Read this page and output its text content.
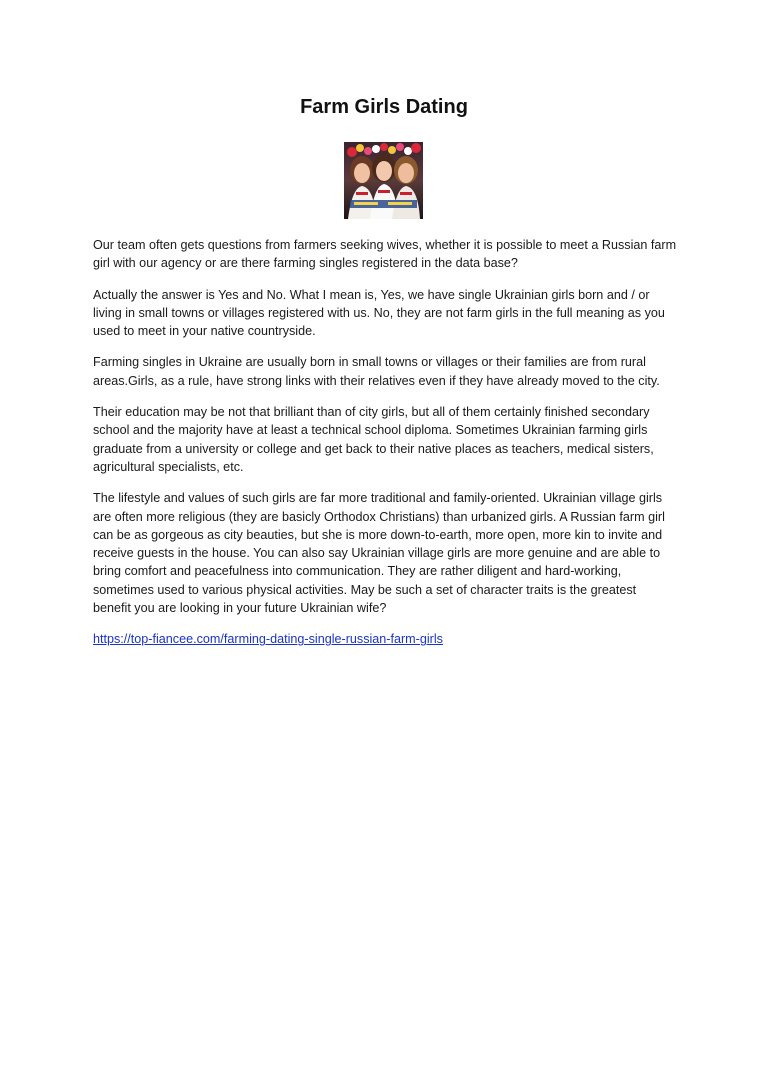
Farm Girls Dating

Our team often gets questions from farmers seeking wives, whether it is possible to meet a Russian farm girl with our agency or are there farming singles registered in the data base?

Actually the answer is Yes and No. What I mean is, Yes, we have single Ukrainian girls born and / or living in small towns or villages registered with us. No, they are not farm girls in the full meaning as you used to meet in your native countryside.

Farming singles in Ukraine are usually born in small towns or villages or their families are from rural areas.Girls, as a rule, have strong links with their relatives even if they have already moved to the city.

Their education may be not that brilliant than of city girls, but all of them certainly finished secondary school and the majority have at least a technical school diploma. Sometimes Ukrainian farming girls graduate from a university or college and get back to their native places as teachers, medical sisters, agricultural specialists, etc.

The lifestyle and values of such girls are far more traditional and family-oriented. Ukrainian village girls are often more religious (they are basicly Orthodox Christians) than urbanized girls. A Russian farm girl can be as gorgeous as city beauties, but she is more down-to-earth, more open, more kin to invite and receive guests in the house. You can also say Ukrainian village girls are more genuine and are able to bring comfort and peacefulness into communication. They are rather diligent and hard-working, sometimes used to various physical activities. May be such a set of character traits is the greatest benefit you are looking in your future Ukrainian wife?

https://top-fiancee.com/farming-dating-single-russian-farm-girls
